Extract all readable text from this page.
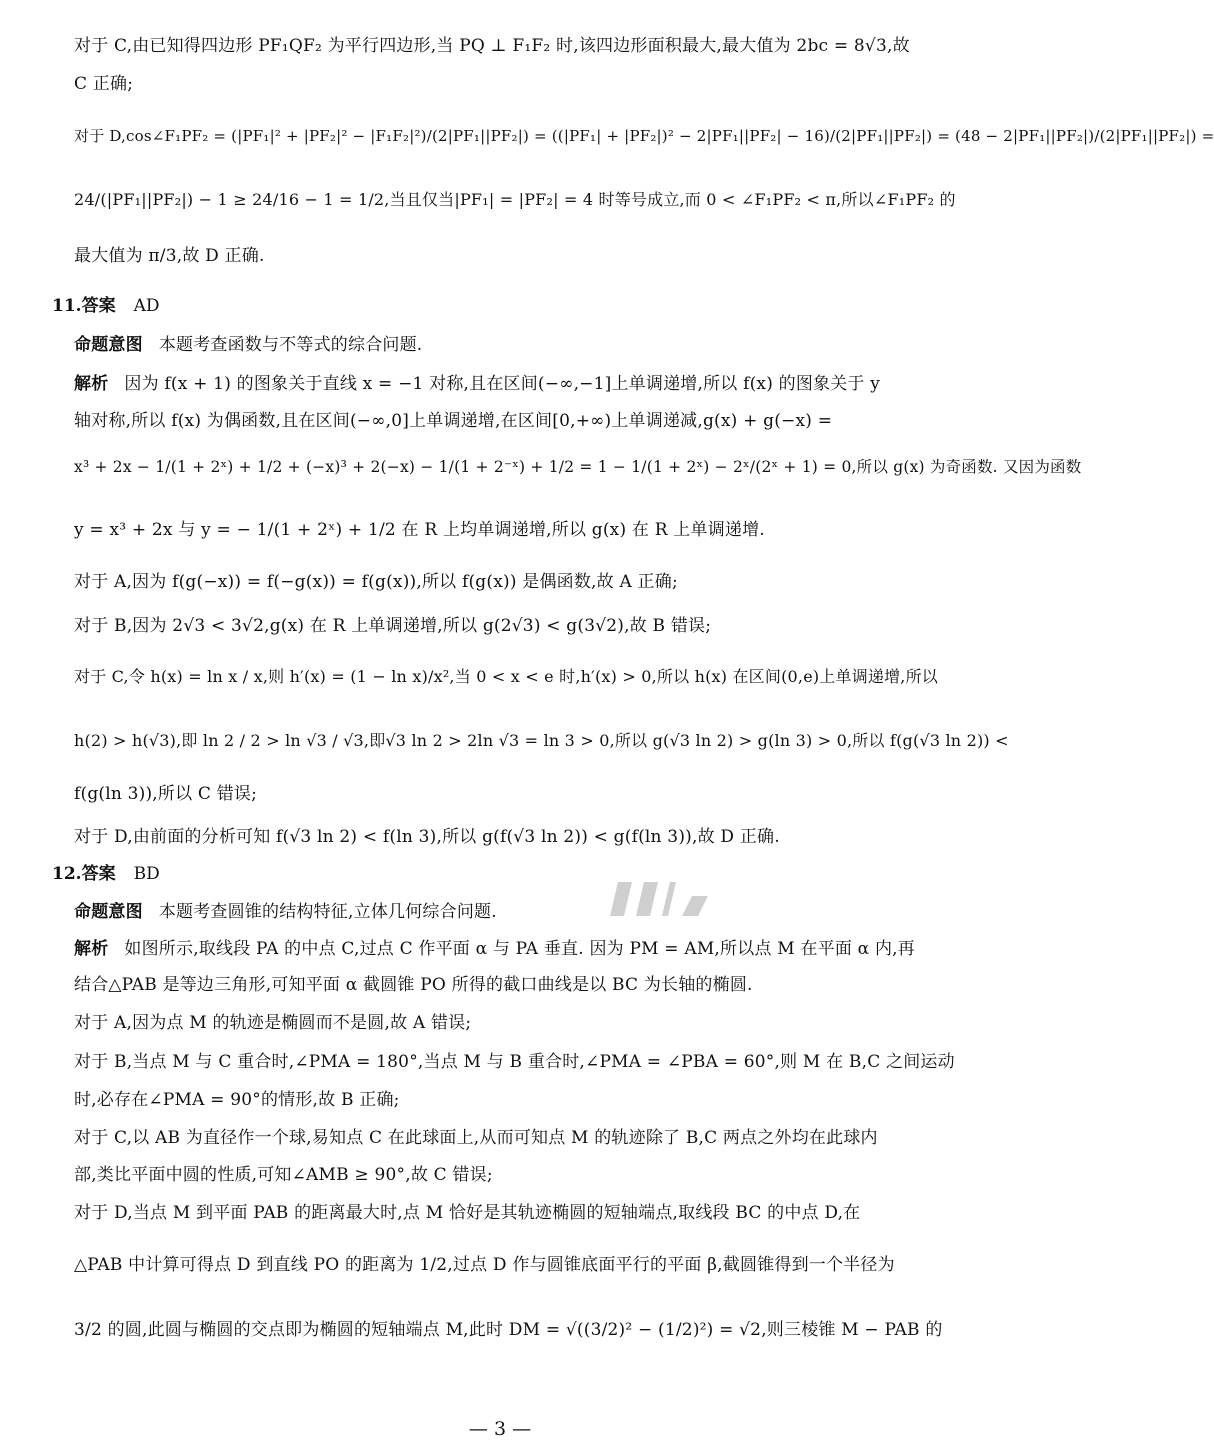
对于 C,由已知得四边形 PF₁QF₂ 为平行四边形,当 PQ ⊥ F₁F₂ 时,该四边形面积最大,最大值为 2bc = 8√3,故
C 正确;
对于 D,cos∠F₁PF₂ = (|PF₁|² + |PF₂|² − |F₁F₂|²)/(2|PF₁||PF₂|) = ((|PF₁| + |PF₂|)² − 2|PF₁||PF₂| − 16)/(2|PF₁||PF₂|) = (48 − 2|PF₁||PF₂|)/(2|PF₁||PF₂|) =
24/(|PF₁||PF₂|) − 1 ≥ 24/16 − 1 = 1/2,当且仅当|PF₁| = |PF₂| = 4 时等号成立,而 0 < ∠F₁PF₂ < π,所以∠F₁PF₂ 的
最大值为 π/3,故 D 正确.
11.答案 AD
命题意图 本题考查函数与不等式的综合问题.
解析 因为 f(x + 1) 的图象关于直线 x = −1 对称,且在区间(−∞,−1]上单调递增,所以 f(x) 的图象关于 y
轴对称,所以 f(x) 为偶函数,且在区间(−∞,0]上单调递增,在区间[0,+∞)上单调递减,g(x) + g(−x) =
x³ + 2x − 1/(1 + 2ˣ) + 1/2 + (−x)³ + 2(−x) − 1/(1 + 2⁻ˣ) + 1/2 = 1 − 1/(1 + 2ˣ) − 2ˣ/(2ˣ + 1) = 0,所以 g(x) 为奇函数. 又因为函数
y = x³ + 2x 与 y = − 1/(1 + 2ˣ) + 1/2 在 R 上均单调递增,所以 g(x) 在 R 上单调递增.
对于 A,因为 f(g(−x)) = f(−g(x)) = f(g(x)),所以 f(g(x)) 是偶函数,故 A 正确;
对于 B,因为 2√3 < 3√2,g(x) 在 R 上单调递增,所以 g(2√3) < g(3√2),故 B 错误;
对于 C,令 h(x) = ln x / x,则 h′(x) = (1 − ln x)/x²,当 0 < x < e 时,h′(x) > 0,所以 h(x) 在区间(0,e)上单调递增,所以
h(2) > h(√3),即 ln 2 / 2 > ln √3 / √3,即√3 ln 2 > 2ln √3 = ln 3 > 0,所以 g(√3 ln 2) > g(ln 3) > 0,所以 f(g(√3 ln 2)) <
f(g(ln 3)),所以 C 错误;
对于 D,由前面的分析可知 f(√3 ln 2) < f(ln 3),所以 g(f(√3 ln 2)) < g(f(ln 3)),故 D 正确.
12.答案 BD
命题意图 本题考查圆锥的结构特征,立体几何综合问题.
解析 如图所示,取线段 PA 的中点 C,过点 C 作平面 α 与 PA 垂直. 因为 PM = AM,所以点 M 在平面 α 内,再
结合△PAB 是等边三角形,可知平面 α 截圆锥 PO 所得的截口曲线是以 BC 为长轴的椭圆.
对于 A,因为点 M 的轨迹是椭圆而不是圆,故 A 错误;
对于 B,当点 M 与 C 重合时,∠PMA = 180°,当点 M 与 B 重合时,∠PMA = ∠PBA = 60°,则 M 在 B,C 之间运动
时,必存在∠PMA = 90°的情形,故 B 正确;
对于 C,以 AB 为直径作一个球,易知点 C 在此球面上,从而可知点 M 的轨迹除了 B,C 两点之外均在此球内
部,类比平面中圆的性质,可知∠AMB ≥ 90°,故 C 错误;
对于 D,当点 M 到平面 PAB 的距离最大时,点 M 恰好是其轨迹椭圆的短轴端点,取线段 BC 的中点 D,在
△PAB 中计算可得点 D 到直线 PO 的距离为 1/2,过点 D 作与圆锥底面平行的平面 β,截圆锥得到一个半径为
3/2 的圆,此圆与椭圆的交点即为椭圆的短轴端点 M,此时 DM = √((3/2)² − (1/2)²) = √2,则三棱锥 M − PAB 的
— 3 —
